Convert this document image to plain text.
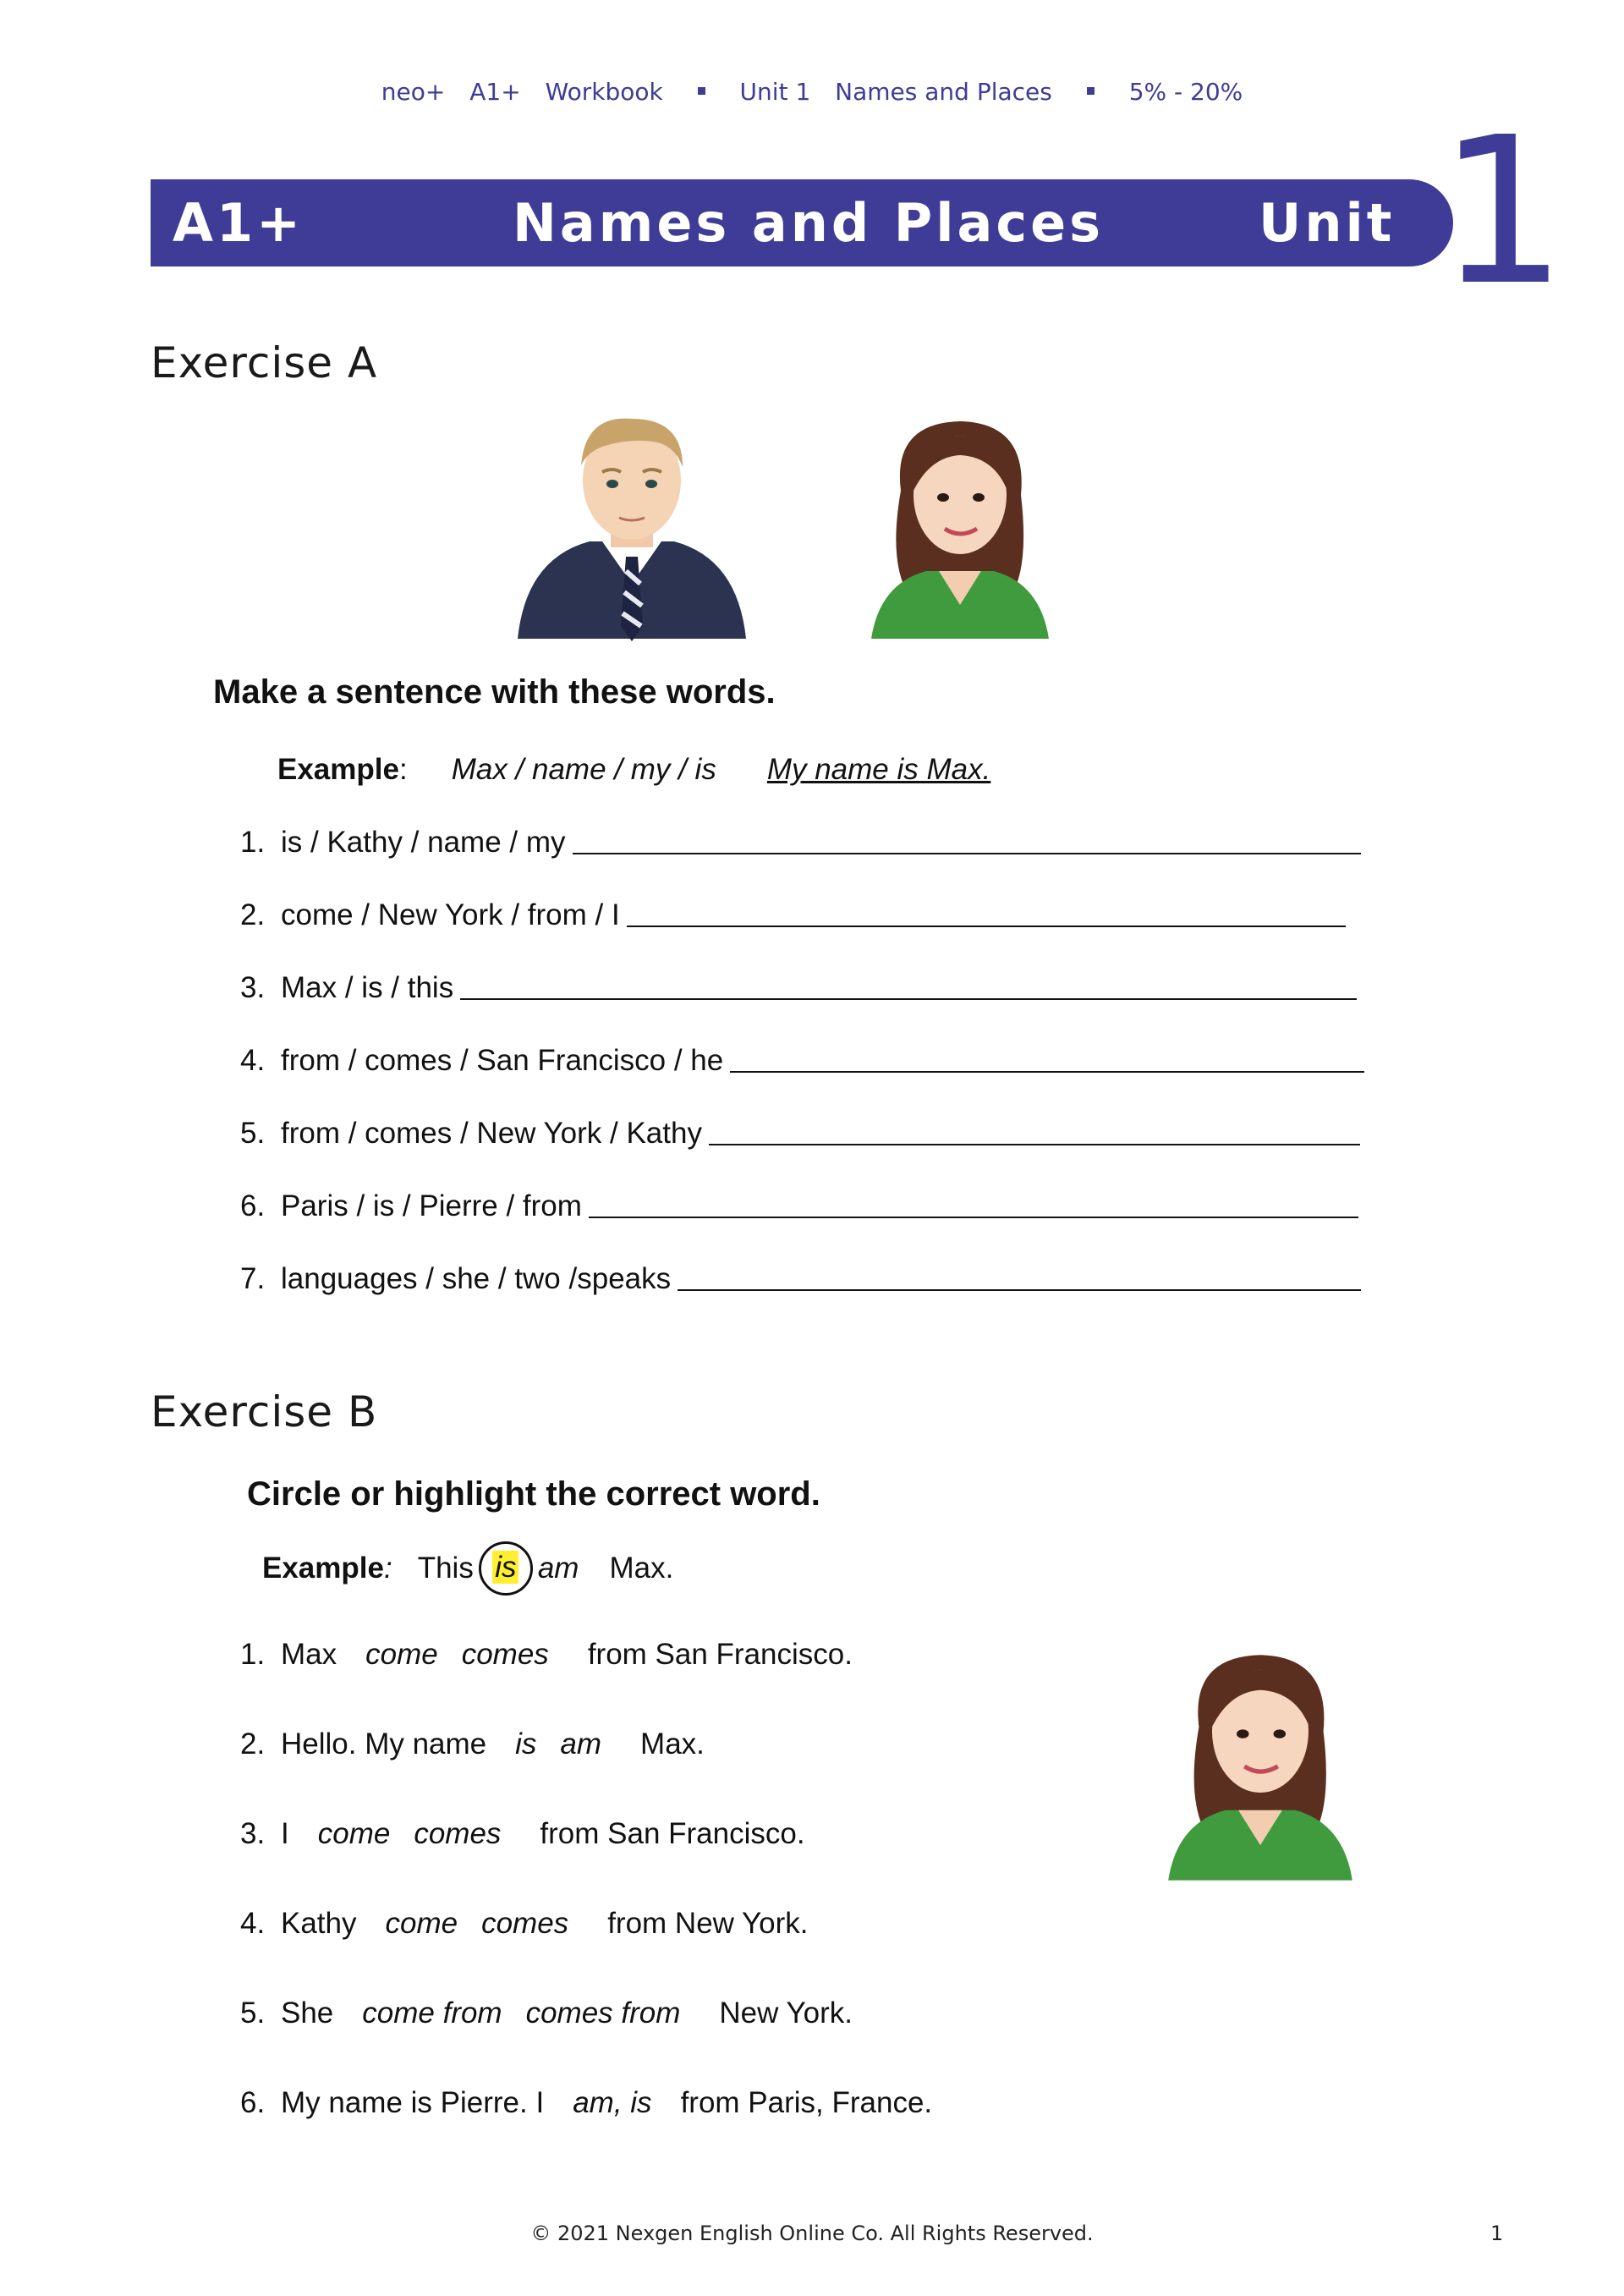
neo+ A1+ Workbook	Unit 1 Names and Places	5% - 20%
A1+	Names and Places	Unit 1
Exercise A
Make a sentence with these words.
Example : Max / name / my / is My name is Max.
1. is / Kathy / name / my
2. come / New York / from / I
3. Max / is / this
4. from / comes / San Francisco / he
5. from / comes / New York / Kathy
6. Paris / is / Pierre / from
7. languages / she / two /speaks
Exercise B
Circle or highlight the correct word.
Example : This is am Max.
1. Max come comes from San Francisco.
2. Hello. My name is am Max.
3. I come comes from San Francisco.
4. Kathy come comes from New York.
5. She come from comes from New York.
6. My name is Pierre. I am, is from Paris, France.
© 2021 Nexgen English Online Co. All Rights Reserved.	1
